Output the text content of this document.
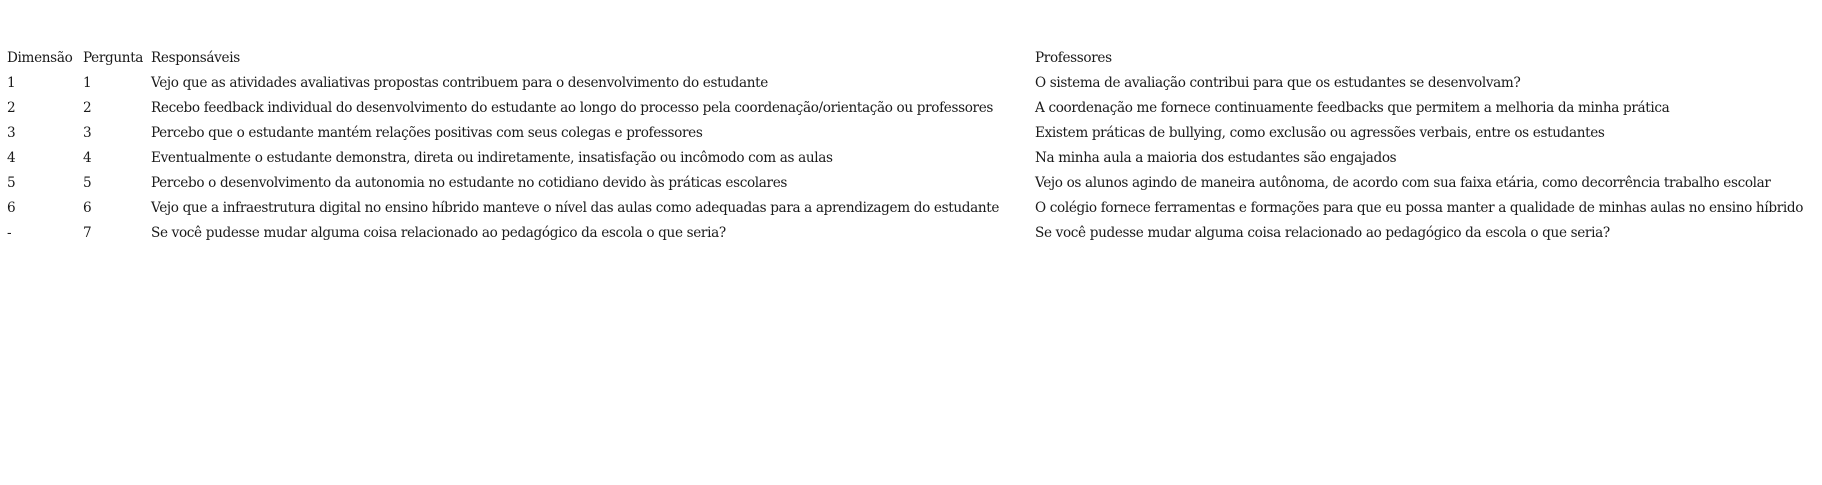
Dimensão	Pergunta	Responsáveis	Professores
1	1	Vejo que as atividades avaliativas propostas contribuem para o desenvolvimento do estudante	O sistema de avaliação contribui para que os estudantes se desenvolvam?
2	2	Recebo feedback individual do desenvolvimento do estudante ao longo do processo pela coordenação/orientação ou professores	A coordenação me fornece continuamente feedbacks que permitem a melhoria da minha prática
3	3	Percebo que o estudante mantém relações positivas com seus colegas e professores	Existem práticas de bullying, como exclusão ou agressões verbais, entre os estudantes
4	4	Eventualmente o estudante demonstra, direta ou indiretamente, insatisfação ou incômodo com as aulas	Na minha aula a maioria dos estudantes são engajados
5	5	Percebo o desenvolvimento da autonomia no estudante no cotidiano devido às práticas escolares	Vejo os alunos agindo de maneira autônoma, de acordo com sua faixa etária, como decorrência trabalho escolar
6	6	Vejo que a infraestrutura digital no ensino híbrido manteve o nível das aulas como adequadas para a aprendizagem do estudante	O colégio fornece ferramentas e formações para que eu possa manter a qualidade de minhas aulas no ensino híbrido
-	7	Se você pudesse mudar alguma coisa relacionado ao pedagógico da escola o que seria?	Se você pudesse mudar alguma coisa relacionado ao pedagógico da escola o que seria?
